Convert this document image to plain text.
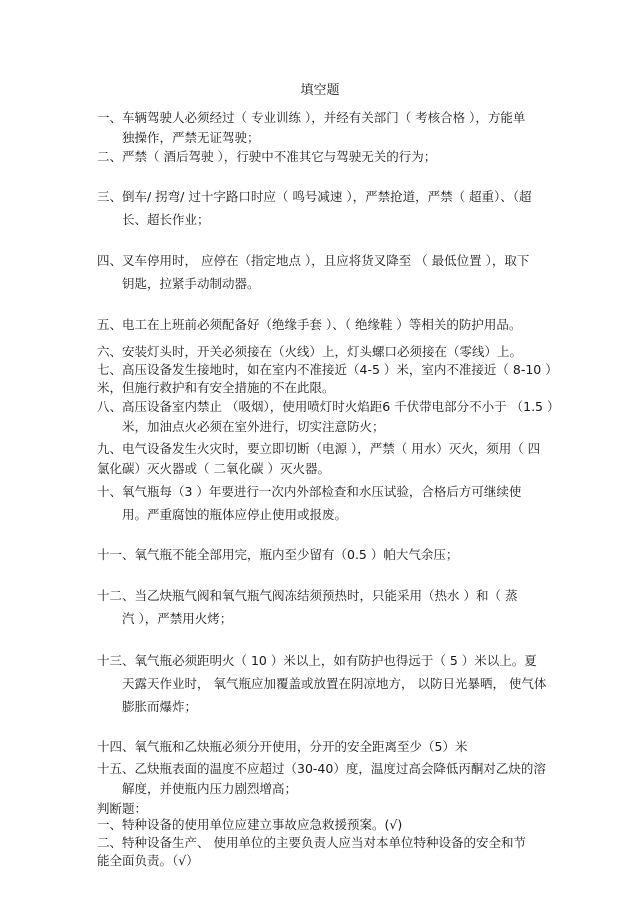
填空题
一、车辆驾驶人必须经过（ 专业训练 ），并经有关部门（ 考核合格 ），方能单
独操作，严禁无证驾驶；
二、严禁（ 酒后驾驶 ），行驶中不准其它与驾驶无关的行为；
三、倒车/ 拐弯/ 过十字路口时应（ 鸣号减速 ），严禁抢道，严禁（ 超重）、（超
长、超长作业；
四、叉车停用时， 应停在（指定地点 ），且应将货叉降至 （ 最低位置 ），取下
钥匙，拉紧手动制动器。
五、电工在上班前必须配备好（绝缘手套 ）、（ 绝缘鞋 ）等相关的防护用品。
六、安装灯头时，开关必须接在（火线）上，灯头螺口必须接在（零线）上。
七、高压设备发生接地时，如在室内不准接近（4-5 ）米，室内不准接近（ 8-10 ）
米，但施行救护和有安全措施的不在此限。
八、高压设备室内禁止 （吸烟），使用喷灯时火焰距6 千伏带电部分不小于 （1.5 ）
米，加油点火必须在室外进行，切实注意防火；
九、电气设备发生火灾时，要立即切断（电源 ），严禁（ 用水）灭火，须用（ 四
氯化碳）灭火器或（ 二氧化碳 ）灭火器。
十、氧气瓶每（3 ）年要进行一次内外部检查和水压试验，合格后方可继续使
用。严重腐蚀的瓶体应停止使用或报废。
十一、氧气瓶不能全部用完，瓶内至少留有（0.5 ）帕大气余压；
十二、当乙炔瓶气阀和氧气瓶气阀冻结须预热时，只能采用（热水 ）和（ 蒸
汽 ），严禁用火烤；
十三、氧气瓶必须距明火（ 10 ）米以上，如有防护也得远于（ 5 ）米以上。夏
天露天作业时， 氧气瓶应加覆盖或放置在阴凉地方， 以防日光暴晒， 使气体
膨胀而爆炸；
十四、氧气瓶和乙炔瓶必须分开使用，分开的安全距离至少（5）米
十五、乙炔瓶表面的温度不应超过（30-40）度，温度过高会降低丙酮对乙炔的溶
解度，并使瓶内压力剧烈增高；
判断题：
一、特种设备的使用单位应建立事故应急救援预案。(√)
二、特种设备生产、 使用单位的主要负责人应当对本单位特种设备的安全和节
能全面负责。（√）
